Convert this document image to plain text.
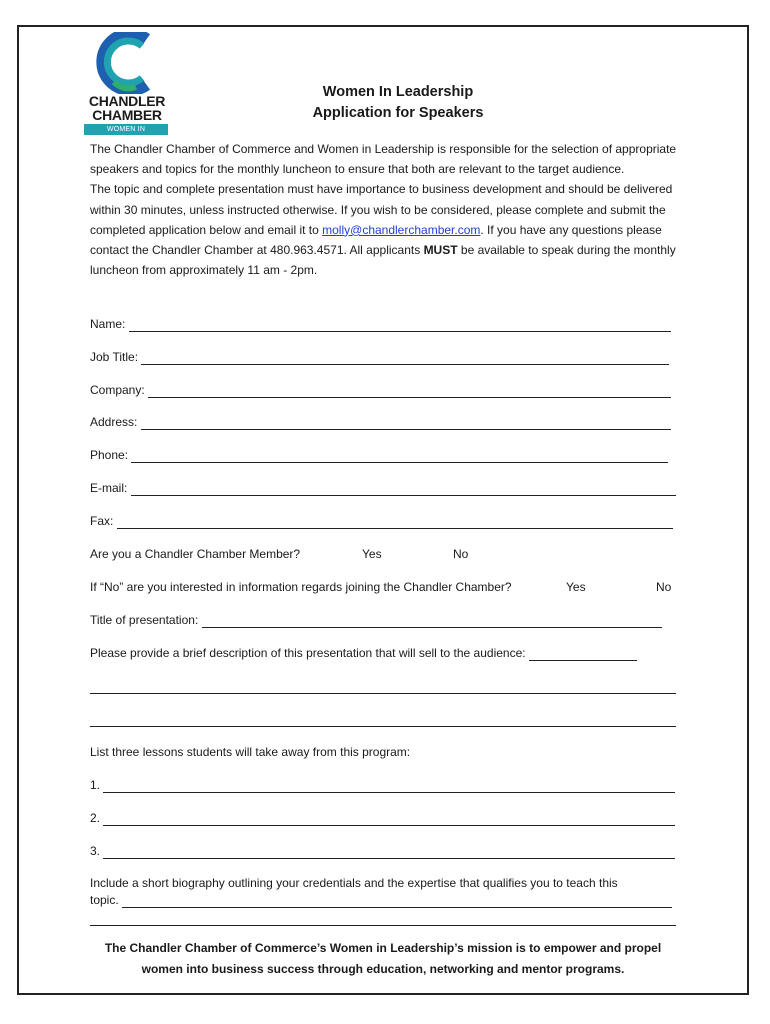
CHANDLER
CHAMBER
WOMEN IN LEADERSHIP
Women In Leadership
Application for Speakers

The Chandler Chamber of Commerce and Women in Leadership is responsible for the selection of appropriate speakers and topics for the monthly luncheon to ensure that both are relevant to the target audience.

The topic and complete presentation must have importance to business development and should be delivered within 30 minutes, unless instructed otherwise. If you wish to be considered, please complete and submit the completed application below and email it to molly@chandlerchamber.com. If you have any questions please contact the Chandler Chamber at 480.963.4571. All applicants MUST be available to speak during the monthly luncheon from approximately 11 am - 2pm.

Name:
Job Title:
Company:
Address:
Phone:
E-mail:
Fax:
Are you a Chandler Chamber Member?	Yes	No
If “No” are you interested in information regards joining the Chandler Chamber?	Yes	No
Title of presentation:
Please provide a brief description of this presentation that will sell to the audience:
List three lessons students will take away from this program:
1.
2.
3.
Include a short biography outlining your credentials and the expertise that qualifies you to teach this
topic.
The Chandler Chamber of Commerce’s Women in Leadership’s mission is to empower and propel
women into business success through education, networking and mentor programs.
